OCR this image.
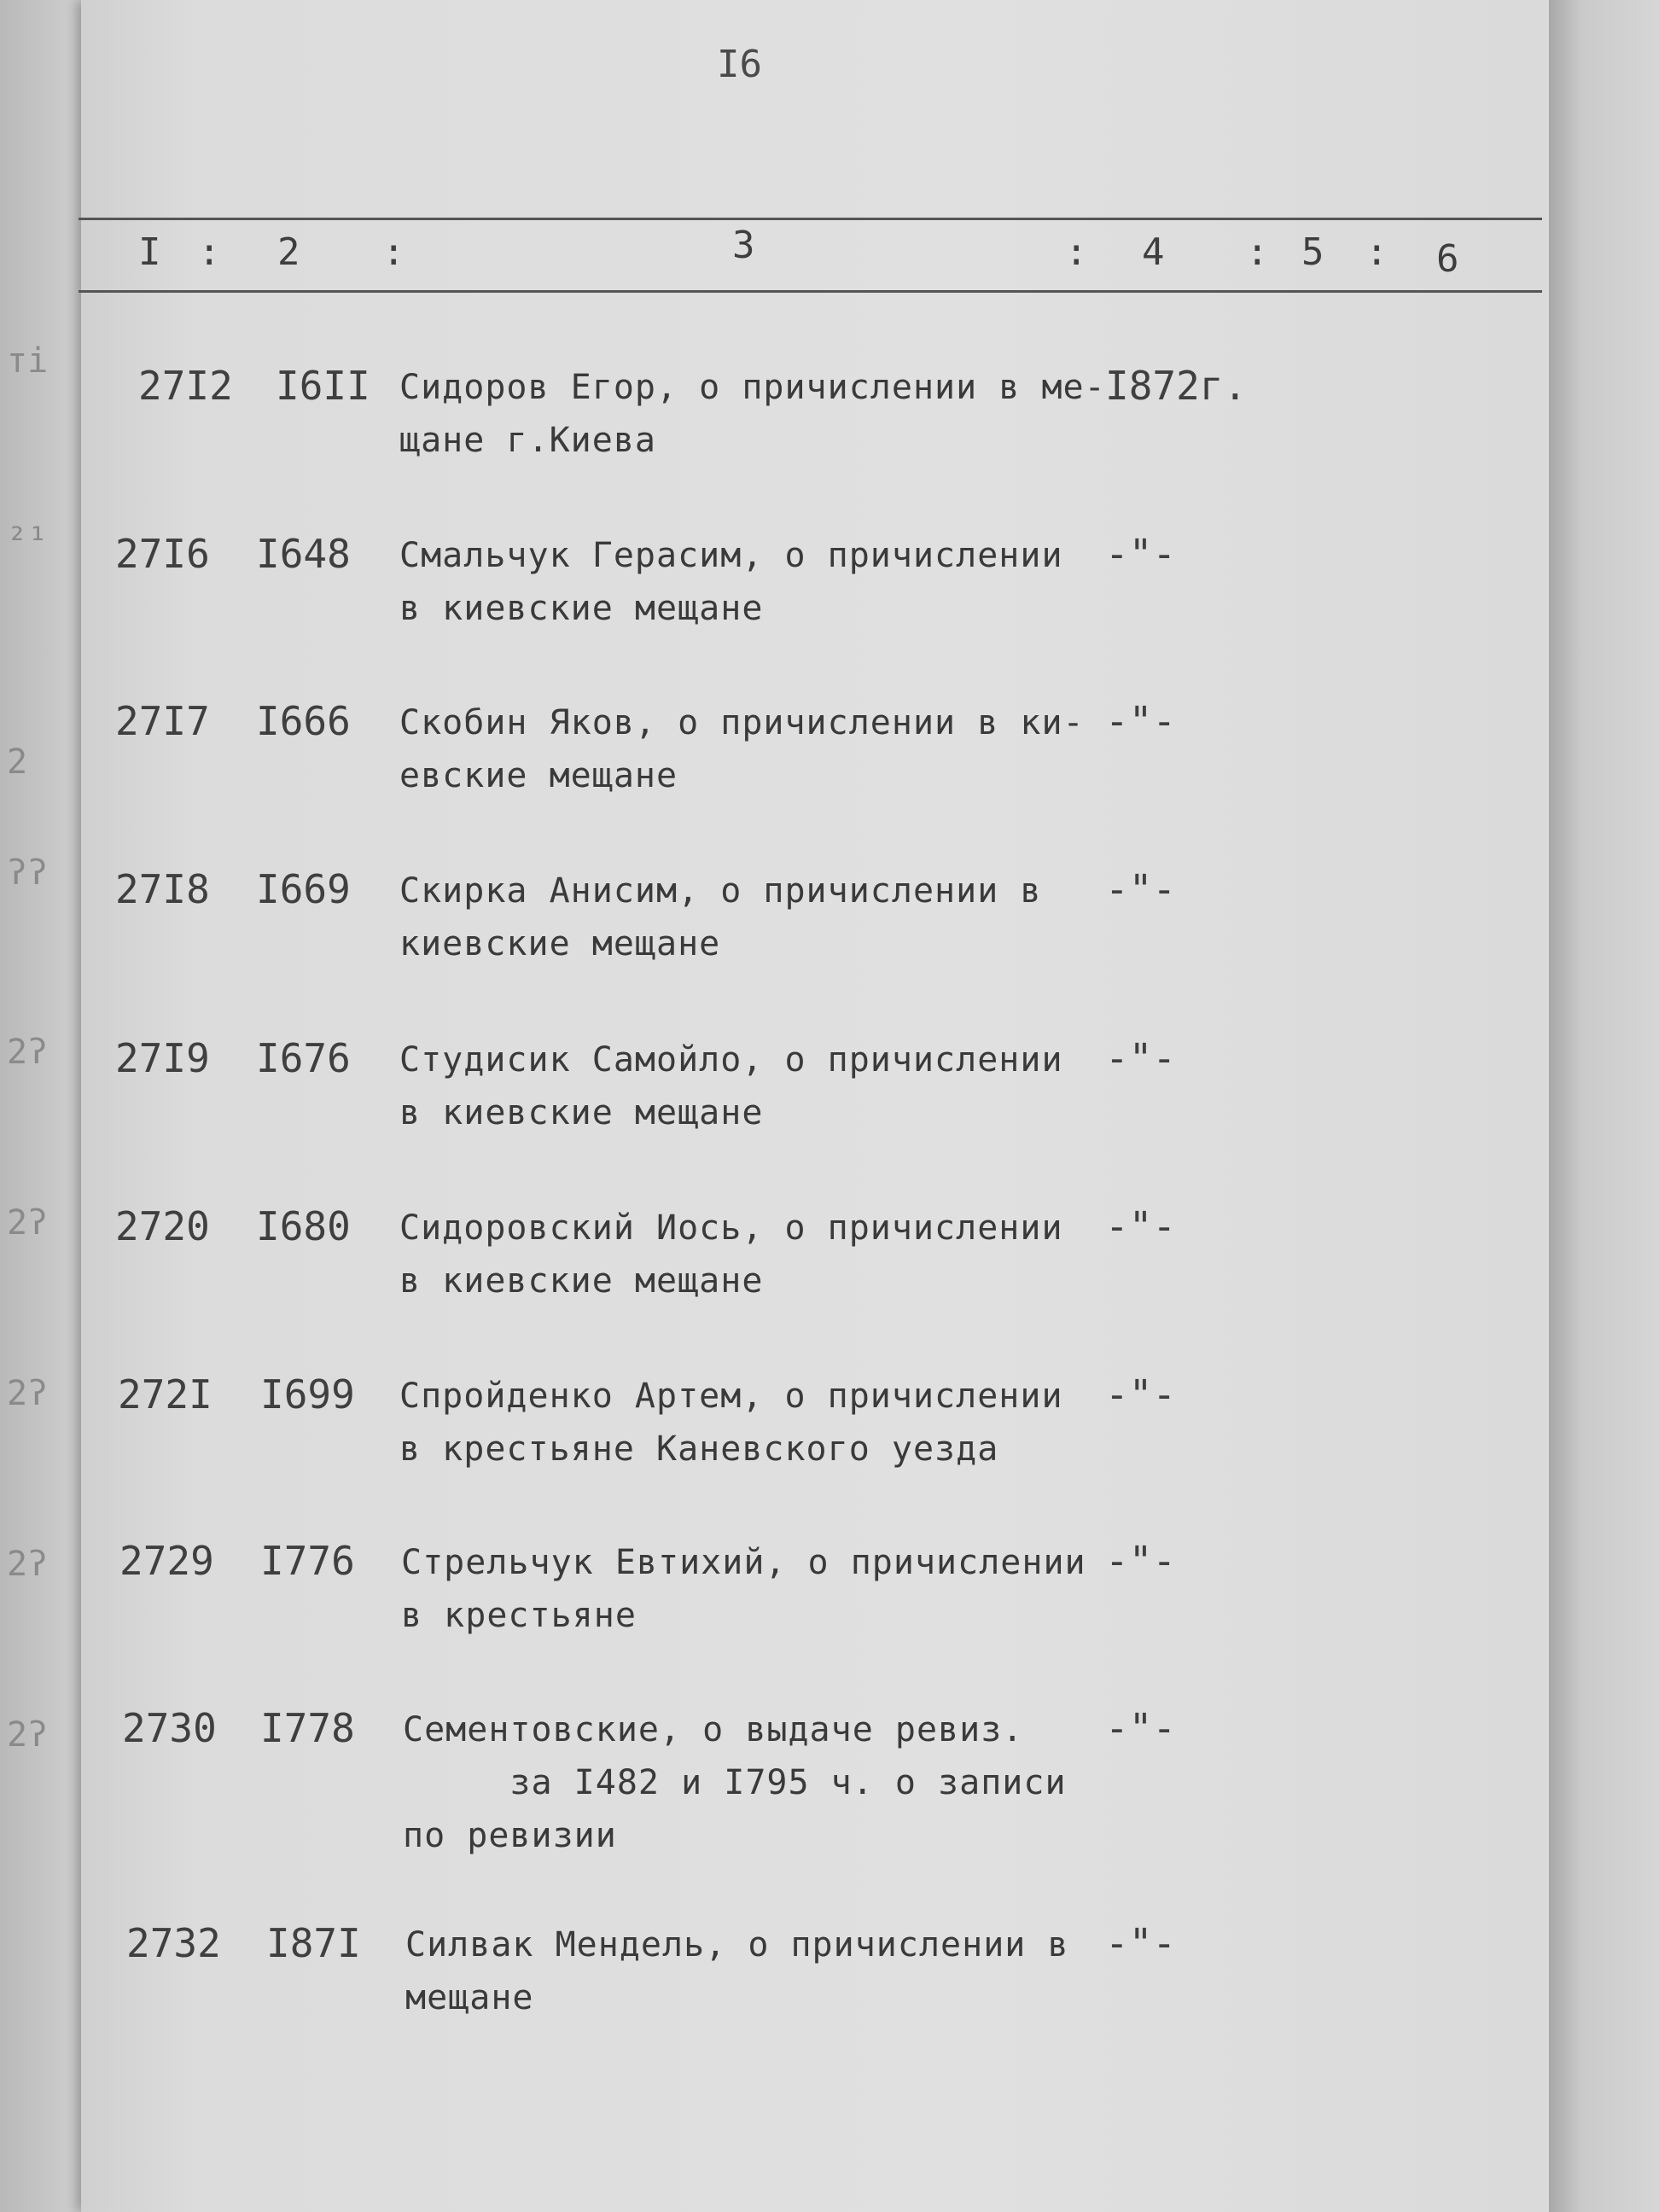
ті
²¹
2
ʔʔ
2ʔ
2ʔ
2ʔ
2ʔ
2ʔ
I6
I : 2 :	3	: 4 : 5 : 6
27I2 I6II Сидоров Егор, о причислении в ме-
щане г.Киева
I872г.
27I6 I648 Смальчук Герасим, о причислении
в киевские мещане
-"-
27I7 I666 Скобин Яков, о причислении в ки-
евские мещане
-"-
27I8 I669 Скирка Анисим, о причислении в
киевские мещане
-"-
27I9 I676 Студисик Самойло, о причислении
в киевские мещане
-"-
2720 I680 Сидоровский Иось, о причислении
в киевские мещане
-"-
272I I699 Спройденко Артем, о причислении
в крестьяне Каневского уезда
-"-
2729 I776 Стрельчук Евтихий, о причислении
в крестьяне
-"-
2730 I778 Сементовские, о выдаче ревиз.
за I482 и I795 ч. о записи
по ревизии
-"-
2732 I87I Силвак Мендель, о причислении в
мещане
-"-
